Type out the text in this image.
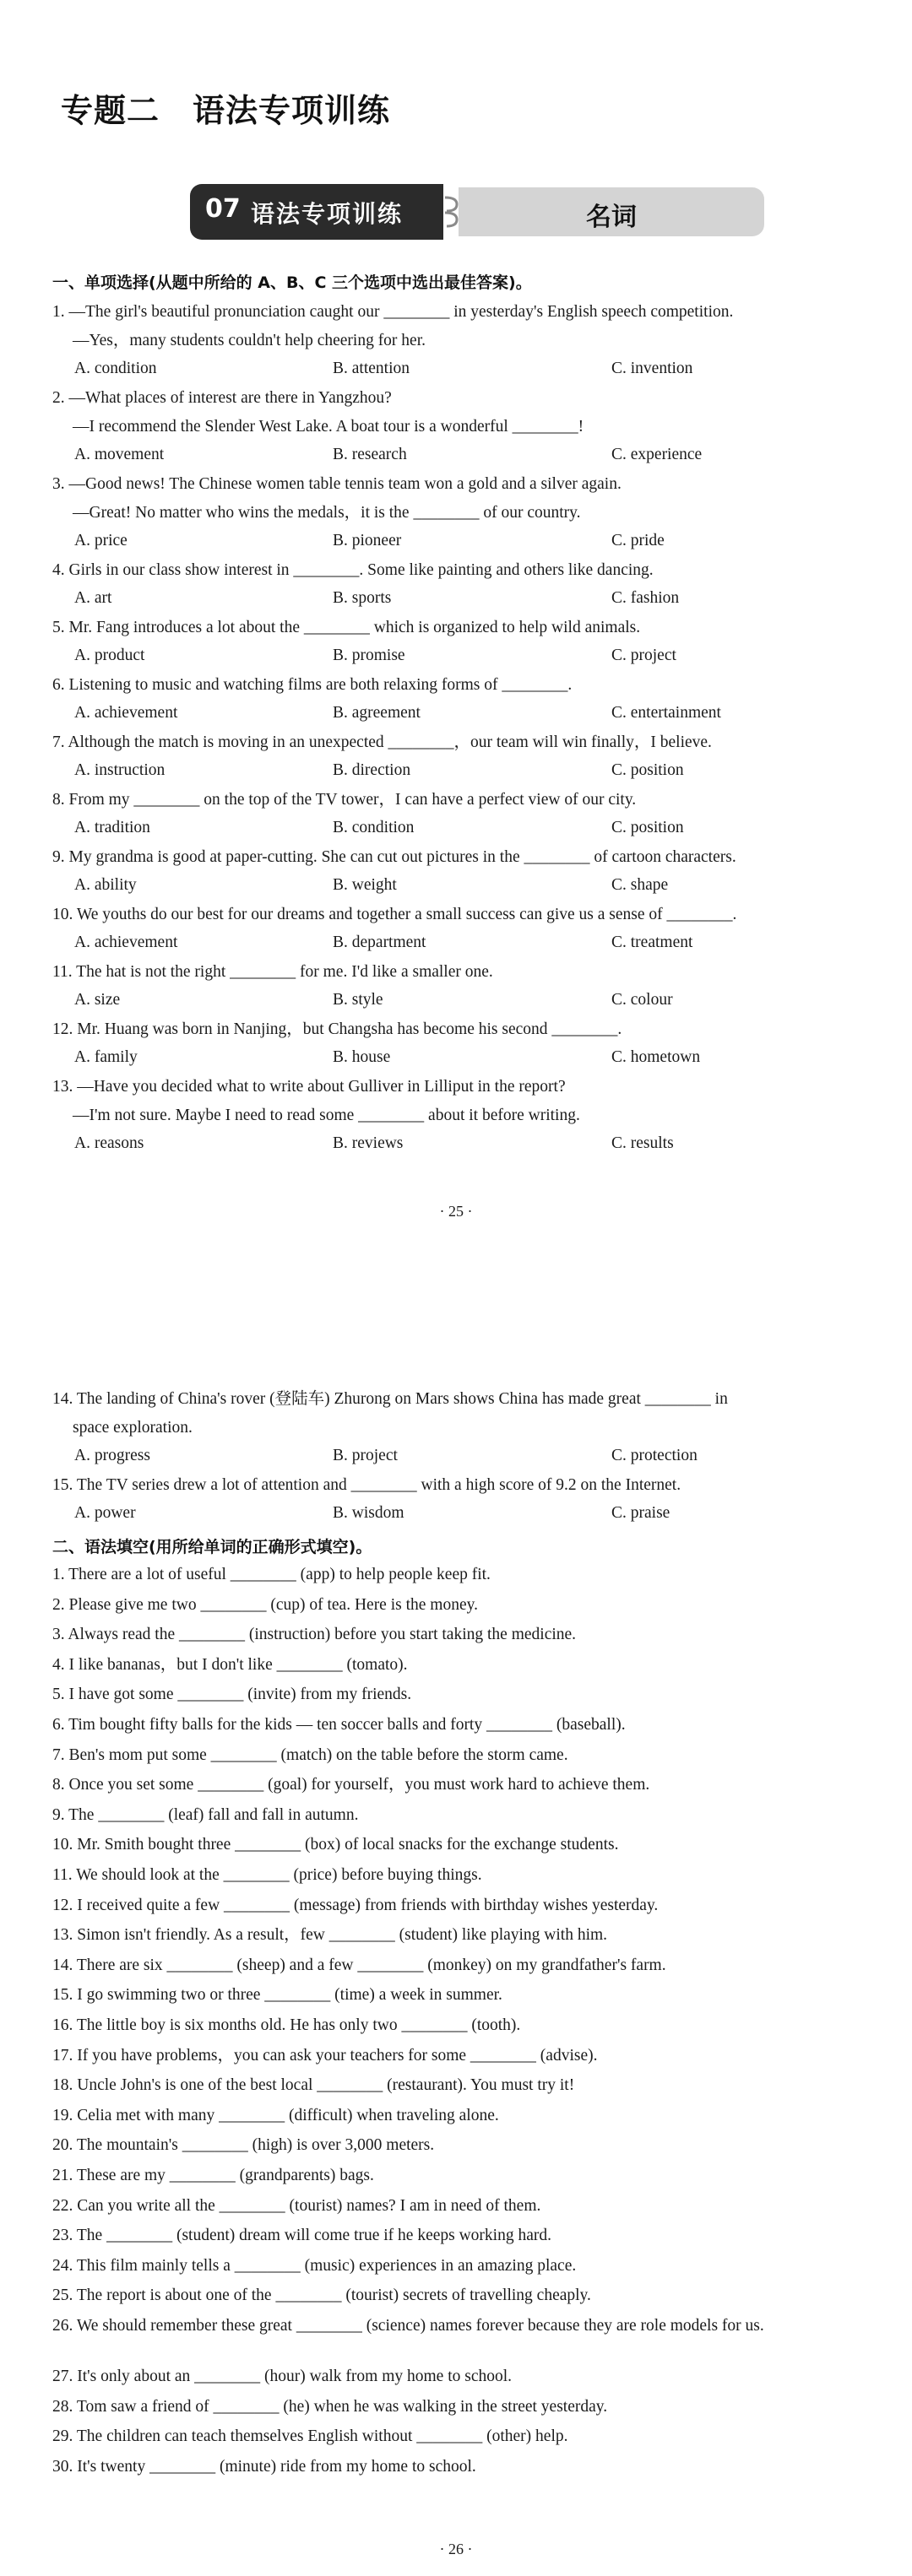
专题二　语法专项训练
07 语法专项训练	名词

一、单项选择(从题中所给的 A、B、C 三个选项中选出最佳答案)。

1. —The girl's beautiful pronunciation caught our ________ in yesterday's English speech competition.
—Yes，many students couldn't help cheering for her.
A. condition	B. attention	C. invention
2. —What places of interest are there in Yangzhou?
—I recommend the Slender West Lake. A boat tour is a wonderful ________!
A. movement	B. research	C. experience
3. —Good news! The Chinese women table tennis team won a gold and a silver again.
—Great! No matter who wins the medals，it is the ________ of our country.
A. price	B. pioneer	C. pride
4. Girls in our class show interest in ________. Some like painting and others like dancing.
A. art	B. sports	C. fashion
5. Mr. Fang introduces a lot about the ________ which is organized to help wild animals.
A. product	B. promise	C. project
6. Listening to music and watching films are both relaxing forms of ________.
A. achievement	B. agreement	C. entertainment
7. Although the match is moving in an unexpected ________，our team will win finally，I believe.
A. instruction	B. direction	C. position
8. From my ________ on the top of the TV tower，I can have a perfect view of our city.
A. tradition	B. condition	C. position
9. My grandma is good at paper-cutting. She can cut out pictures in the ________ of cartoon characters.
A. ability	B. weight	C. shape
10. We youths do our best for our dreams and together a small success can give us a sense of ________.
A. achievement	B. department	C. treatment
11. The hat is not the right ________ for me. I'd like a smaller one.
A. size	B. style	C. colour
12. Mr. Huang was born in Nanjing，but Changsha has become his second ________.
A. family	B. house	C. hometown
13. —Have you decided what to write about Gulliver in Lilliput in the report?
—I'm not sure. Maybe I need to read some ________ about it before writing.
A. reasons	B. reviews	C. results
· 25 ·
14. The landing of China's rover (登陆车) Zhurong on Mars shows China has made great ________ in
space exploration.
A. progress	B. project	C. protection
15. The TV series drew a lot of attention and ________ with a high score of 9.2 on the Internet.
A. power	B. wisdom	C. praise

二、语法填空(用所给单词的正确形式填空)。

1. There are a lot of useful ________ (app) to help people keep fit.
2. Please give me two ________ (cup) of tea. Here is the money.
3. Always read the ________ (instruction) before you start taking the medicine.
4. I like bananas，but I don't like ________ (tomato).
5. I have got some ________ (invite) from my friends.
6. Tim bought fifty balls for the kids — ten soccer balls and forty ________ (baseball).
7. Ben's mom put some ________ (match) on the table before the storm came.
8. Once you set some ________ (goal) for yourself，you must work hard to achieve them.
9. The ________ (leaf) fall and fall in autumn.
10. Mr. Smith bought three ________ (box) of local snacks for the exchange students.
11. We should look at the ________ (price) before buying things.
12. I received quite a few ________ (message) from friends with birthday wishes yesterday.
13. Simon isn't friendly. As a result，few ________ (student) like playing with him.
14. There are six ________ (sheep) and a few ________ (monkey) on my grandfather's farm.
15. I go swimming two or three ________ (time) a week in summer.
16. The little boy is six months old. He has only two ________ (tooth).
17. If you have problems，you can ask your teachers for some ________ (advise).
18. Uncle John's is one of the best local ________ (restaurant). You must try it!
19. Celia met with many ________ (difficult) when traveling alone.
20. The mountain's ________ (high) is over 3,000 meters.
21. These are my ________ (grandparents) bags.
22. Can you write all the ________ (tourist) names? I am in need of them.
23. The ________ (student) dream will come true if he keeps working hard.
24. This film mainly tells a ________ (music) experiences in an amazing place.
25. The report is about one of the ________ (tourist) secrets of travelling cheaply.
26. We should remember these great ________ (science) names forever because they are role models for us.
27. It's only about an ________ (hour) walk from my home to school.
28. Tom saw a friend of ________ (he) when he was walking in the street yesterday.
29. The children can teach themselves English without ________ (other) help.
30. It's twenty ________ (minute) ride from my home to school.
· 26 ·
